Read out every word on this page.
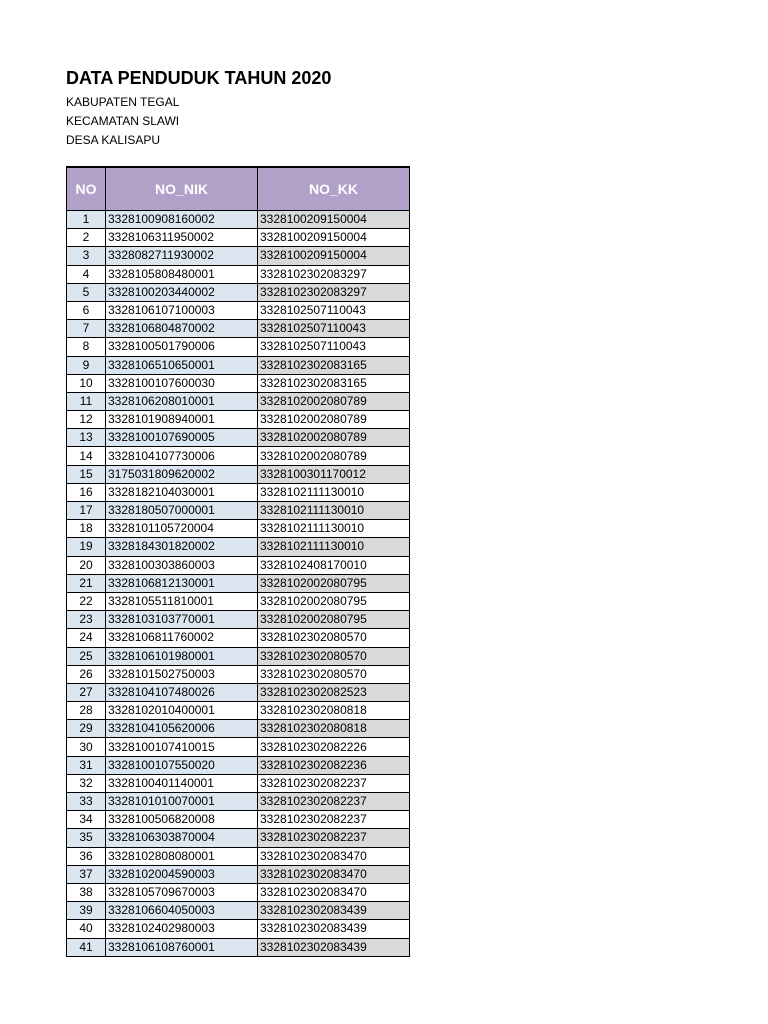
DATA PENDUDUK TAHUN 2020
KABUPATEN TEGAL
KECAMATAN SLAWI
DESA KALISAPU
NO	NO_NIK	NO_KK
1	3328100908160002	3328100209150004
2	3328106311950002	3328100209150004
3	3328082711930002	3328100209150004
4	3328105808480001	3328102302083297
5	3328100203440002	3328102302083297
6	3328106107100003	3328102507110043
7	3328106804870002	3328102507110043
8	3328100501790006	3328102507110043
9	3328106510650001	3328102302083165
10	3328100107600030	3328102302083165
11	3328106208010001	3328102002080789
12	3328101908940001	3328102002080789
13	3328100107690005	3328102002080789
14	3328104107730006	3328102002080789
15	3175031809620002	3328100301170012
16	3328182104030001	3328102111130010
17	3328180507000001	3328102111130010
18	3328101105720004	3328102111130010
19	3328184301820002	3328102111130010
20	3328100303860003	3328102408170010
21	3328106812130001	3328102002080795
22	3328105511810001	3328102002080795
23	3328103103770001	3328102002080795
24	3328106811760002	3328102302080570
25	3328106101980001	3328102302080570
26	3328101502750003	3328102302080570
27	3328104107480026	3328102302082523
28	3328102010400001	3328102302080818
29	3328104105620006	3328102302080818
30	3328100107410015	3328102302082226
31	3328100107550020	3328102302082236
32	3328100401140001	3328102302082237
33	3328101010070001	3328102302082237
34	3328100506820008	3328102302082237
35	3328106303870004	3328102302082237
36	3328102808080001	3328102302083470
37	3328102004590003	3328102302083470
38	3328105709670003	3328102302083470
39	3328106604050003	3328102302083439
40	3328102402980003	3328102302083439
41	3328106108760001	3328102302083439
